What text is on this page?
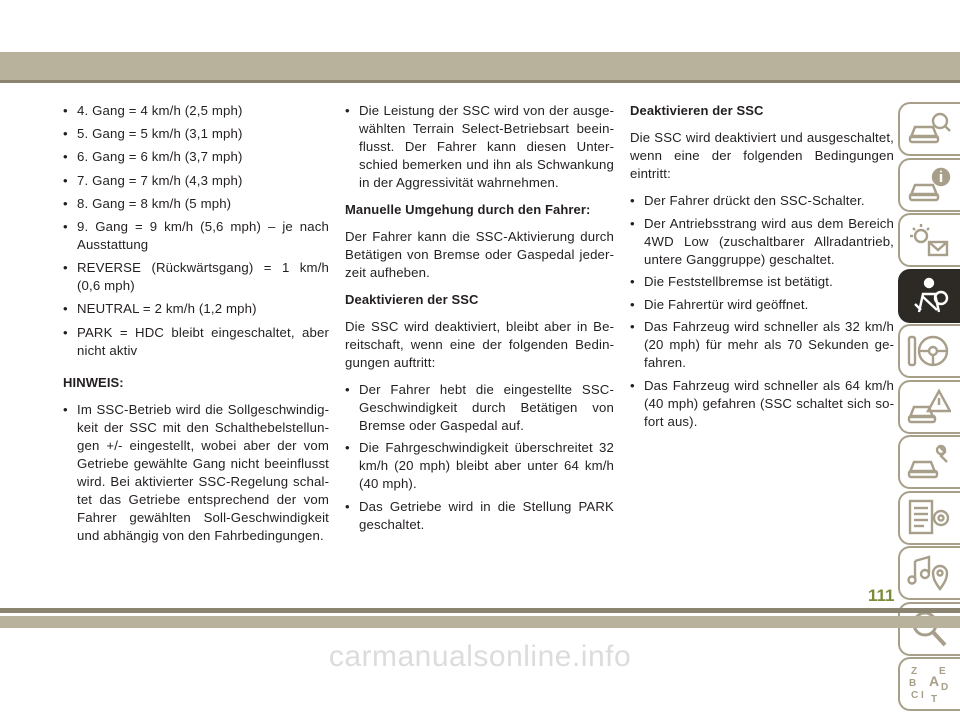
• 4. Gang = 4 km/h (2,5 mph)
• 5. Gang = 5 km/h (3,1 mph)
• 6. Gang = 6 km/h (3,7 mph)
• 7. Gang = 7 km/h (4,3 mph)
• 8. Gang = 8 km/h (5 mph)
• 9. Gang = 9 km/h (5,6 mph) – je nach Ausstattung
• REVERSE (Rückwärtsgang) = 1 km/h (0,6 mph)
• NEUTRAL = 2 km/h (1,2 mph)
• PARK = HDC bleibt eingeschaltet, aber nicht aktiv
HINWEIS:
• Im SSC-Betrieb wird die Sollgeschwindigkeit der SSC mit den Schalthebelstellungen +/- eingestellt, wobei aber der vom Getriebe gewählte Gang nicht beeinflusst wird. Bei aktivierter SSC-Regelung schaltet das Getriebe entsprechend der vom Fahrer gewählten Soll-Geschwindigkeit und abhängig von den Fahrbedingungen.
• Die Leistung der SSC wird von der ausgewählten Terrain Select-Betriebsart beeinflusst. Der Fahrer kann diesen Unterschied bemerken und ihn als Schwankung in der Aggressivität wahrnehmen.
Manuelle Umgehung durch den Fahrer:

Der Fahrer kann die SSC-Aktivierung durch Betätigen von Bremse oder Gaspedal jederzeit aufheben.

Deaktivieren der SSC

Die SSC wird deaktiviert, bleibt aber in Bereitschaft, wenn eine der folgenden Bedingungen auftritt:

• Der Fahrer hebt die eingestellte SSC-Geschwindigkeit durch Betätigen von Bremse oder Gaspedal auf.
• Die Fahrgeschwindigkeit überschreitet 32 km/h (20 mph) bleibt aber unter 64 km/h (40 mph).
• Das Getriebe wird in die Stellung PARK geschaltet.
Deaktivieren der SSC

Die SSC wird deaktiviert und ausgeschaltet, wenn eine der folgenden Bedingungen eintritt:

• Der Fahrer drückt den SSC-Schalter.
• Der Antriebsstrang wird aus dem Bereich 4WD Low (zuschaltbarer Allradantrieb, untere Ganggruppe) geschaltet.
• Die Feststellbremse ist betätigt.
• Die Fahrertür wird geöffnet.
• Das Fahrzeug wird schneller als 32 km/h (20 mph) für mehr als 70 Sekunden gefahren.
• Das Fahrzeug wird schneller als 64 km/h (40 mph) gefahren (SSC schaltet sich sofort aus).
Z E
B A
C
D
T
I
111
carmanualsonline.info
